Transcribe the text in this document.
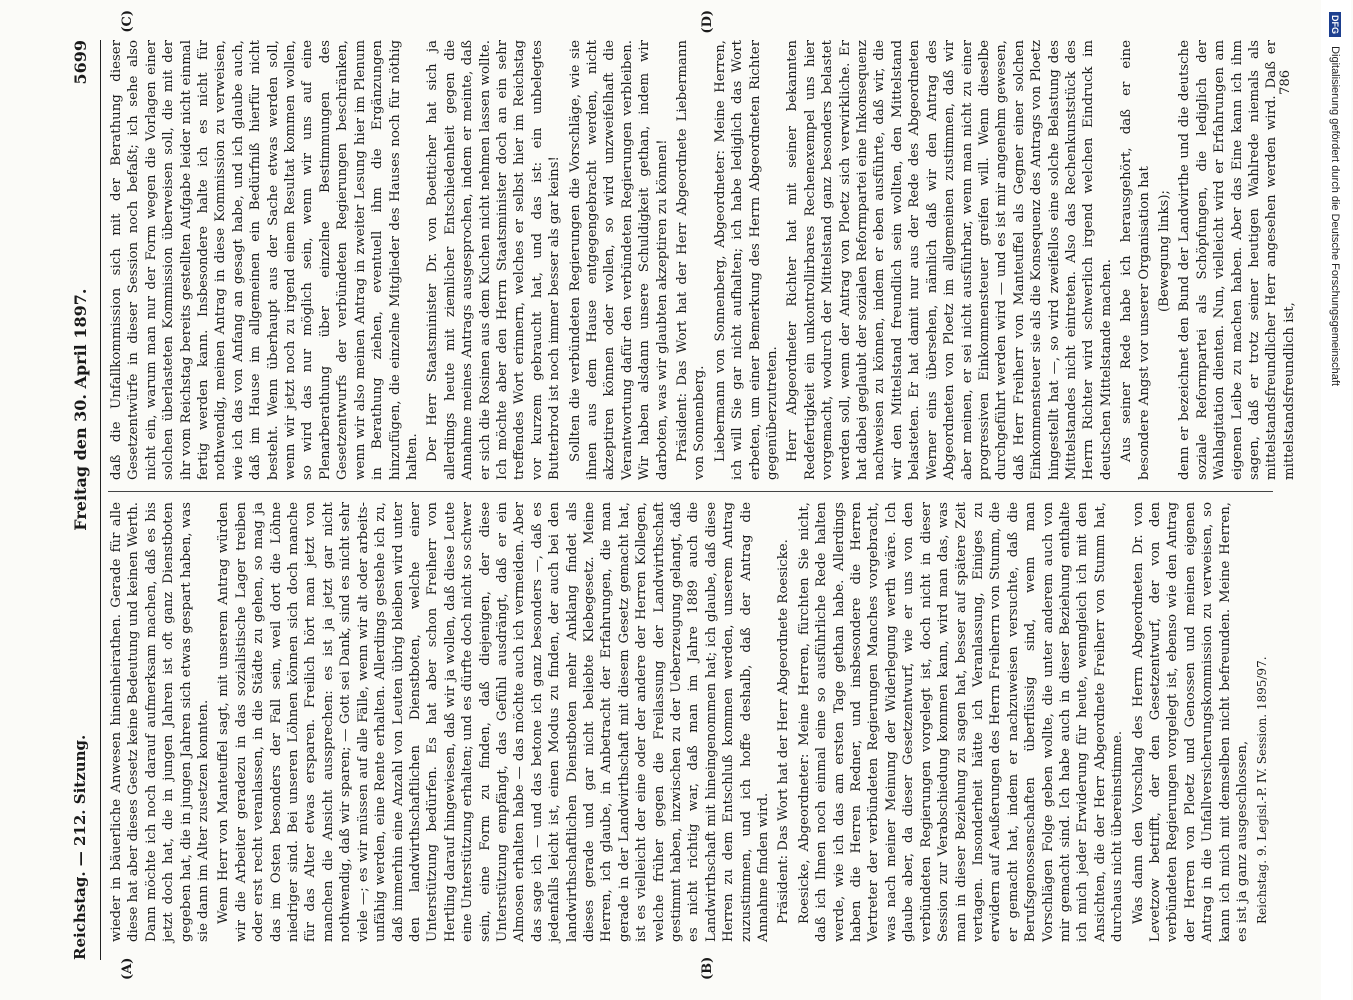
Reichstag. — 212. Sitzung.
Freitag den 30. April 1897.
5699
(A)	(B)
(C)	(D)

wieder in bäuerliche Anwesen hineinheirathen. Gerade für alle diese hat aber dieses Gesetz keine Bedeutung und keinen Werth. Dann möchte ich noch darauf aufmerksam machen, daß es bis jetzt doch hat, die in jungen Jahren ist oft ganz Dienstboten gegeben hat, die in jungen Jahren sich etwas gespart haben, was sie dann im Alter zusetzen konnten. Wenn Herr von Manteuffel sagt, mit unserem Antrag würden wir die Arbeiter geradezu in das sozialistische Lager treiben oder erst recht veranlassen, in die Städte zu gehen, so mag ja das im Osten besonders der Fall sein, weil dort die Löhne niedriger sind. Bei unseren Löhnen können sich doch manche für das Alter etwas ersparen. Freilich hört man jetzt von manchen die Ansicht aussprechen: es ist ja jetzt gar nicht nothwendig, daß wir sparen; — Gott sei Dank, sind es nicht sehr viele —; es wir müssen auf alle Fälle, wenn wir alt oder arbeitsunfähig werden, eine Rente erhalten. Allerdings gestehe ich zu, daß immerhin eine Anzahl von Leuten übrig bleiben wird unter den landwirthschaftlichen Dienstboten, welche einer Unterstützung bedürfen. Es hat aber schon Freiherr von Hertling darauf hingewiesen, daß wir ja wollen, daß diese Leute eine Unterstützung erhalten; und es dürfte doch nicht so schwer sein, eine Form zu finden, daß diejenigen, der diese Unterstützung empfängt, das Gefühl ausdrängt, daß er ein Almosen erhalten habe — das möchte auch ich vermeiden. Aber das sage ich — und das betone ich ganz besonders —, daß es jedenfalls leicht ist, einen Modus zu finden, der auch bei den landwirthschaftlichen Dienstboten mehr Anklang findet als dieses gerade und gar nicht beliebte Klebegesetz. Meine Herren, ich glaube, in Anbetracht der Erfahrungen, die man gerade in der Landwirthschaft mit diesem Gesetz gemacht hat, ist es vielleicht der eine oder der andere der Herren Kollegen, welche früher gegen die Freilassung der Landwirthschaft gestimmt haben, inzwischen zu der Ueberzeugung gelangt, daß es nicht richtig war, daß man im Jahre 1889 auch die Landwirthschaft mit hineingenommen hat; ich glaube, daß diese Herren zu dem Entschluß kommen werden, unserem Antrag zuzustimmen, und ich hoffe deshalb, daß der Antrag die Annahme finden wird. Präsident: Das Wort hat der Herr Abgeordnete Roesicke. Roesicke, Abgeordneter: Meine Herren, fürchten Sie nicht, daß ich Ihnen noch einmal eine so ausführliche Rede halten werde, wie ich das am ersten Tage gethan habe. Allerdings haben die Herren Redner, und insbesondere die Herren Vertreter der verbündeten Regierungen Manches vorgebracht, was nach meiner Meinung der Widerlegung werth wäre. Ich glaube aber, da dieser Gesetzentwurf, wie er uns von den verbündeten Regierungen vorgelegt ist, doch nicht in dieser Session zur Verabschiedung kommen kann, wird man das, was man in dieser Beziehung zu sagen hat, besser auf spätere Zeit vertagen. Insonderheit hätte ich Veranlassung, Einiges zu erwidern auf Aeußerungen des Herrn Freiherrn von Stumm, die er gemacht hat, indem er nachzuweisen versuchte, daß die Berufsgenossenschaften überflüssig sind, wenn man Vorschlägen Folge geben wollte, die unter anderem auch von mir gemacht sind. Ich habe auch in dieser Beziehung enthalte ich mich jeder Erwiderung für heute, wenngleich ich mit den Ansichten, die der Herr Abgeordnete Freiherr von Stumm hat, durchaus nicht übereinstimme. Was dann den Vorschlag des Herrn Abgeordneten Dr. von Levetzow betrifft, der den Gesetzentwurf, der von den verbündeten Regierungen vorgelegt ist, ebenso wie den Antrag der Herren von Ploetz und Genossen und meinen eigenen Antrag in die Unfallversicherungskommission zu verweisen, so kann ich mich mit demselben nicht befreunden. Meine Herren, es ist ja ganz ausgeschlossen, Reichstag. 9. Legisl.-P. IV. Session. 1895/97.

daß die Unfallkommission sich mit der Berathung dieser Gesetzentwürfe in dieser Session noch befaßt; ich sehe also nicht ein, warum man nur der Form wegen die Vorlagen einer solchen überlasteten Kommission überweisen soll, die mit der ihr vom Reichstag bereits gestellten Aufgabe leider nicht einmal fertig werden kann. Insbesondere halte ich es nicht für nothwendig, meinen Antrag in diese Kommission zu verweisen, wie ich das von Anfang an gesagt habe, und ich glaube auch, daß im Hause im allgemeinen ein Bedürfniß hierfür nicht besteht. Wenn überhaupt aus der Sache etwas werden soll, wenn wir jetzt noch zu irgend einem Resultat kommen wollen, so wird das nur möglich sein, wenn wir uns auf eine Plenarberathung über einzelne Bestimmungen des Gesetzentwurfs der verbündeten Regierungen beschränken, wenn wir also meinen Antrag in zweiter Lesung hier im Plenum in Berathung ziehen, eventuell ihm die Ergänzungen hinzufügen, die einzelne Mitglieder des Hauses noch für nöthig halten. Der Herr Staatsminister Dr. von Boetticher hat sich ja allerdings heute mit ziemlicher Entschiedenheit gegen die Annahme meines Antrags ausgesprochen, indem er meinte, daß er sich die Rosinen aus dem Kuchen nicht nehmen lassen wollte. Ich möchte aber den Herrn Staatsminister doch an ein sehr treffendes Wort erinnern, welches er selbst hier im Reichstag vor kurzem gebraucht hat, und das ist: ein unbelegtes Butterbrod ist noch immer besser als gar keins! Sollten die verbündeten Regierungen die Vorschläge, wie sie ihnen aus dem Hause entgegengebracht werden, nicht akzeptiren können oder wollen, so wird unzweifelhaft die Verantwortung dafür den verbündeten Regierungen verbleiben. Wir haben alsdann unsere Schuldigkeit gethan, indem wir darboten, was wir glaubten akzeptiren zu können! Präsident: Das Wort hat der Herr Abgeordnete Liebermann von Sonnenberg. Liebermann von Sonnenberg, Abgeordneter: Meine Herren, ich will Sie gar nicht aufhalten; ich habe lediglich das Wort erbeten, um einer Bemerkung des Herrn Abgeordneten Richter gegenüberzutreten. Herr Abgeordneter Richter hat mit seiner bekannten Redefertigkeit ein unkontrollirbares Rechenexempel uns hier vorgemacht, wodurch der Mittelstand ganz besonders belastet werden soll, wenn der Antrag von Ploetz sich verwirkliche. Er hat dabei geglaubt der sozialen Reformpartei eine Inkonsequenz nachweisen zu können, indem er eben ausführte, daß wir, die wir den Mittelstand freundlich sein wollten, den Mittelstand belasteten. Er hat damit nur aus der Rede des Abgeordneten Werner eins übersehen, nämlich daß wir den Antrag des Abgeordneten von Ploetz im allgemeinen zustimmen, daß wir aber meinen, er sei nicht ausführbar, wenn man nicht zu einer progressiven Einkommensteuer greifen will. Wenn dieselbe durchgeführt werden wird — und es ist mir angenehm gewesen, daß Herr Freiherr von Manteuffel als Gegner einer solchen Einkommensteuer sie als die Konsequenz des Antrags von Ploetz hingestellt hat —, so wird zweifellos eine solche Belastung des Mittelstandes nicht eintreten. Also das Rechenkunststück des Herrn Richter wird schwerlich irgend welchen Eindruck im deutschen Mittelstande machen. Aus seiner Rede habe ich herausgehört, daß er eine besondere Angst vor unserer Organisation hat (Bewegung links); denn er bezeichnet den Bund der Landwirthe und die deutsche soziale Reformpartei als Schöpfungen, die lediglich der Wahlagitation dienten. Nun, vielleicht wird er Erfahrungen am eigenen Leibe zu machen haben. Aber das Eine kann ich ihm sagen, daß er trotz seiner heutigen Wahlrede niemals als mittelstandsfreundlicher Herr angesehen werden wird. Daß er mittelstandsfreundlich ist,

786
DFG Digitalisierung gefördert durch die Deutsche Forschungsgemeinschaft
